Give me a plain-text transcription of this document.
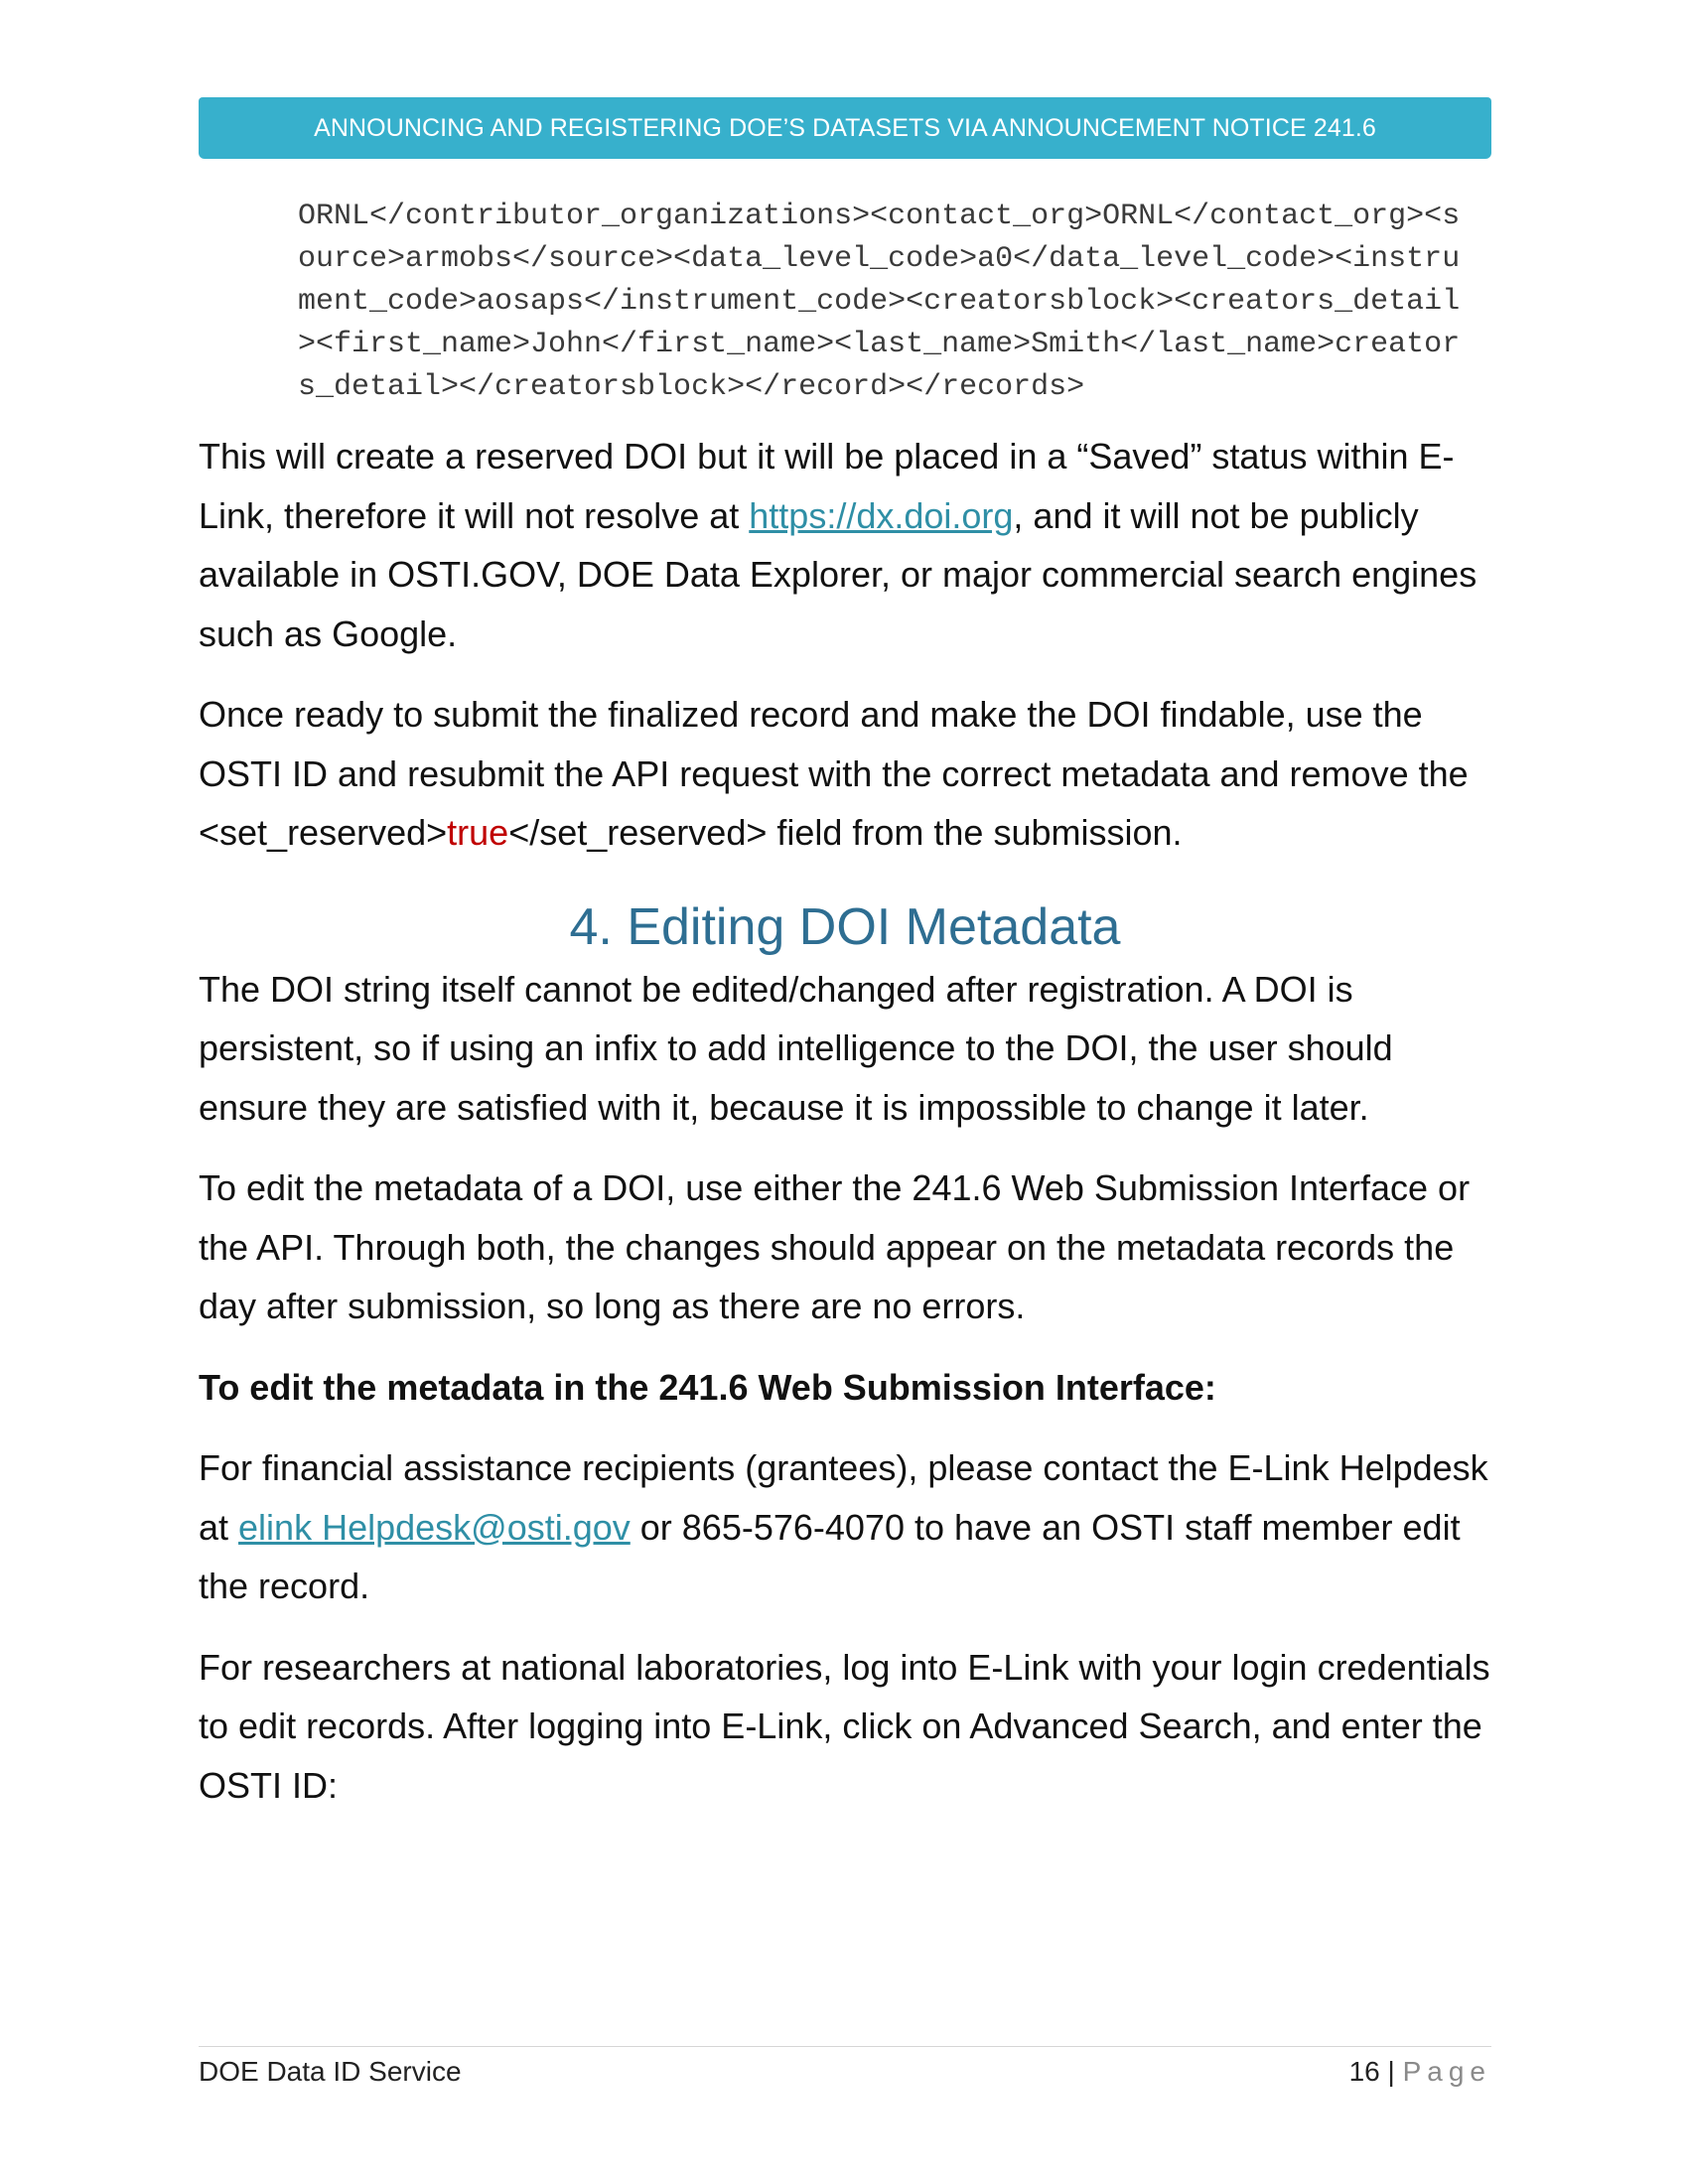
ANNOUNCING AND REGISTERING DOE’S DATASETS VIA ANNOUNCEMENT NOTICE 241.6
ORNL</contributor_organizations><contact_org>ORNL</contact_org><s
ource>armobs</source><data_level_code>a0</data_level_code><instru
ment_code>aosaps</instrument_code><creatorsblock><creators_detail
><first_name>John</first_name><last_name>Smith</last_name>creator
s_detail></creatorsblock></record></records>

This will create a reserved DOI but it will be placed in a “Saved” status within E-Link, therefore it will not resolve at https://dx.doi.org, and it will not be publicly available in OSTI.GOV, DOE Data Explorer, or major commercial search engines such as Google.

Once ready to submit the finalized record and make the DOI findable, use the OSTI ID and resubmit the API request with the correct metadata and remove the <set_reserved>true</set_reserved> field from the submission.

4. Editing DOI Metadata

The DOI string itself cannot be edited/changed after registration. A DOI is persistent, so if using an infix to add intelligence to the DOI, the user should ensure they are satisfied with it, because it is impossible to change it later.

To edit the metadata of a DOI, use either the 241.6 Web Submission Interface or the API. Through both, the changes should appear on the metadata records the day after submission, so long as there are no errors.

To edit the metadata in the 241.6 Web Submission Interface:

For financial assistance recipients (grantees), please contact the E-Link Helpdesk at elink Helpdesk@osti.gov or 865-576-4070 to have an OSTI staff member edit the record.

For researchers at national laboratories, log into E-Link with your login credentials to edit records. After logging into E-Link, click on Advanced Search, and enter the OSTI ID:

DOE Data ID Service	16 | Page
